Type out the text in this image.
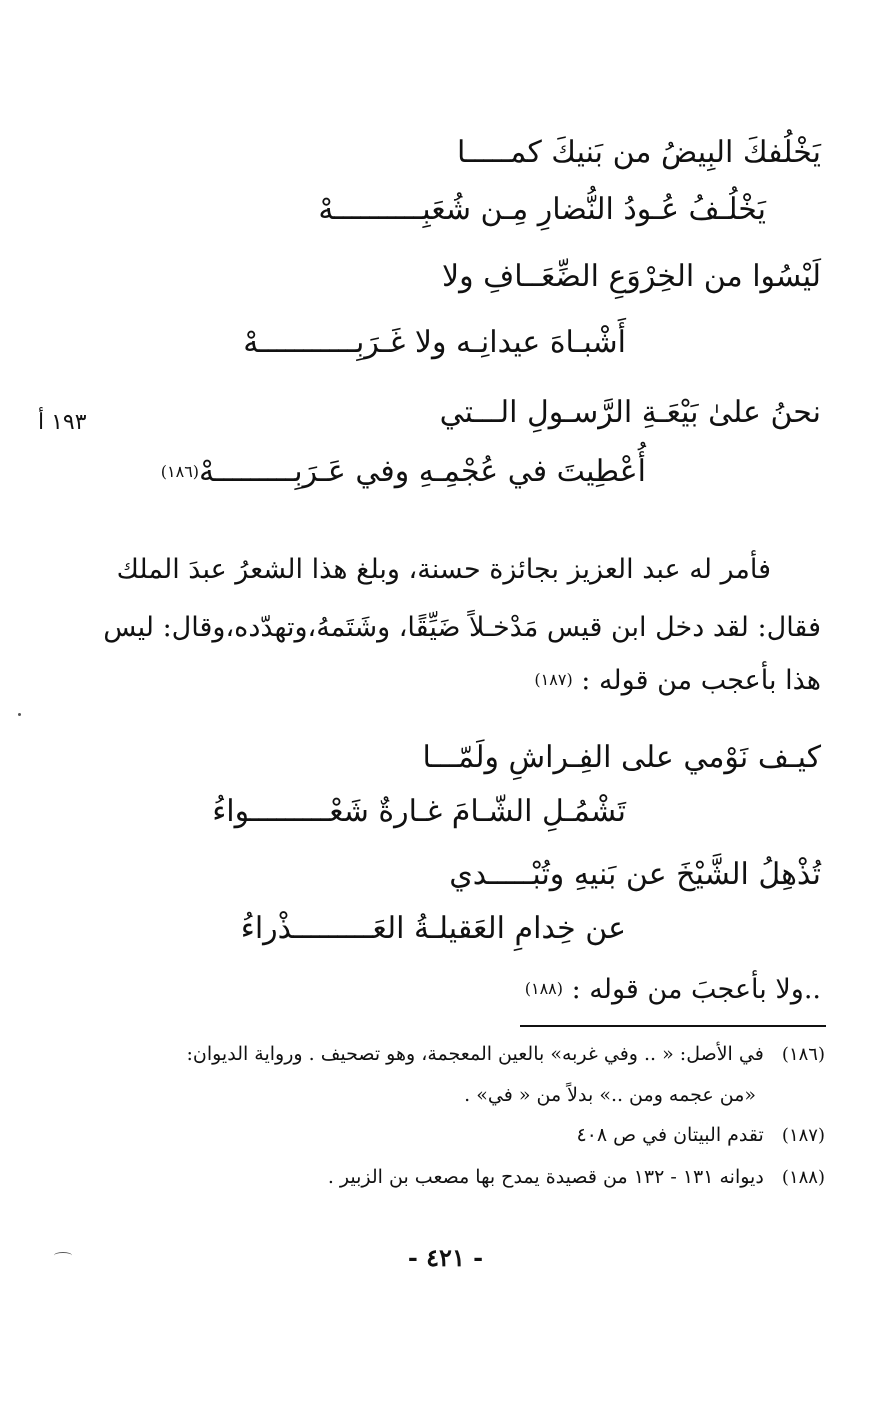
يَخْلُفكَ البِيضُ من بَنيكَ كمـــــا
يَخْلُـفُ عُـودُ النُّضارِ مِـن شُعَبِــــــــــهْ
لَيْسُوا من الخِرْوَعِ الضِّعَــافِ ولا
أَشْبـاهَ عيدانِـه ولا غَـرَبِـــــــــــهْ
نحنُ علىٰ بَيْعَـةِ الرَّسـولِ الـــتي
أُعْطِيتَ في عُجْمِـهِ وفي عَـرَبِـــــــــهْ(١٨٦)
١٩٣ أ
فأمر له عبد العزيز بجائزة حسنة، وبلغ هذا الشعرُ عبدَ الملك
فقال: لقد دخل ابن قيس مَدْخـلاً ضَيِّقًا، وشَتَمهُ،وتهدّده،وقال: ليس
هذا بأعجب من قوله : (١٨٧)
كيـف نَوْمي على الفِـراشِ ولَمّـــا
تَشْمُـلِ الشّـامَ غـارةٌ شَعْـــــــــواءُ
تُذْهِلُ الشَّيْخَ عن بَنيهِ وتُبْـــــدي
عن خِدامِ العَقيلـةُ العَـــــــــذْراءُ
..ولا بأعجبَ من قوله : (١٨٨)
(١٨٦)   في الأصل: « .. وفي غربه» بالعين المعجمة، وهو تصحيف . ورواية الديوان:
«من عجمه ومن ..» بدلاً من « في» .
(١٨٧)   تقدم البيتان في ص ٤٠٨
(١٨٨)   ديوانه ١٣١ - ١٣٢ من قصيدة يمدح بها مصعب بن الزبير .
- ٤٢١ -
